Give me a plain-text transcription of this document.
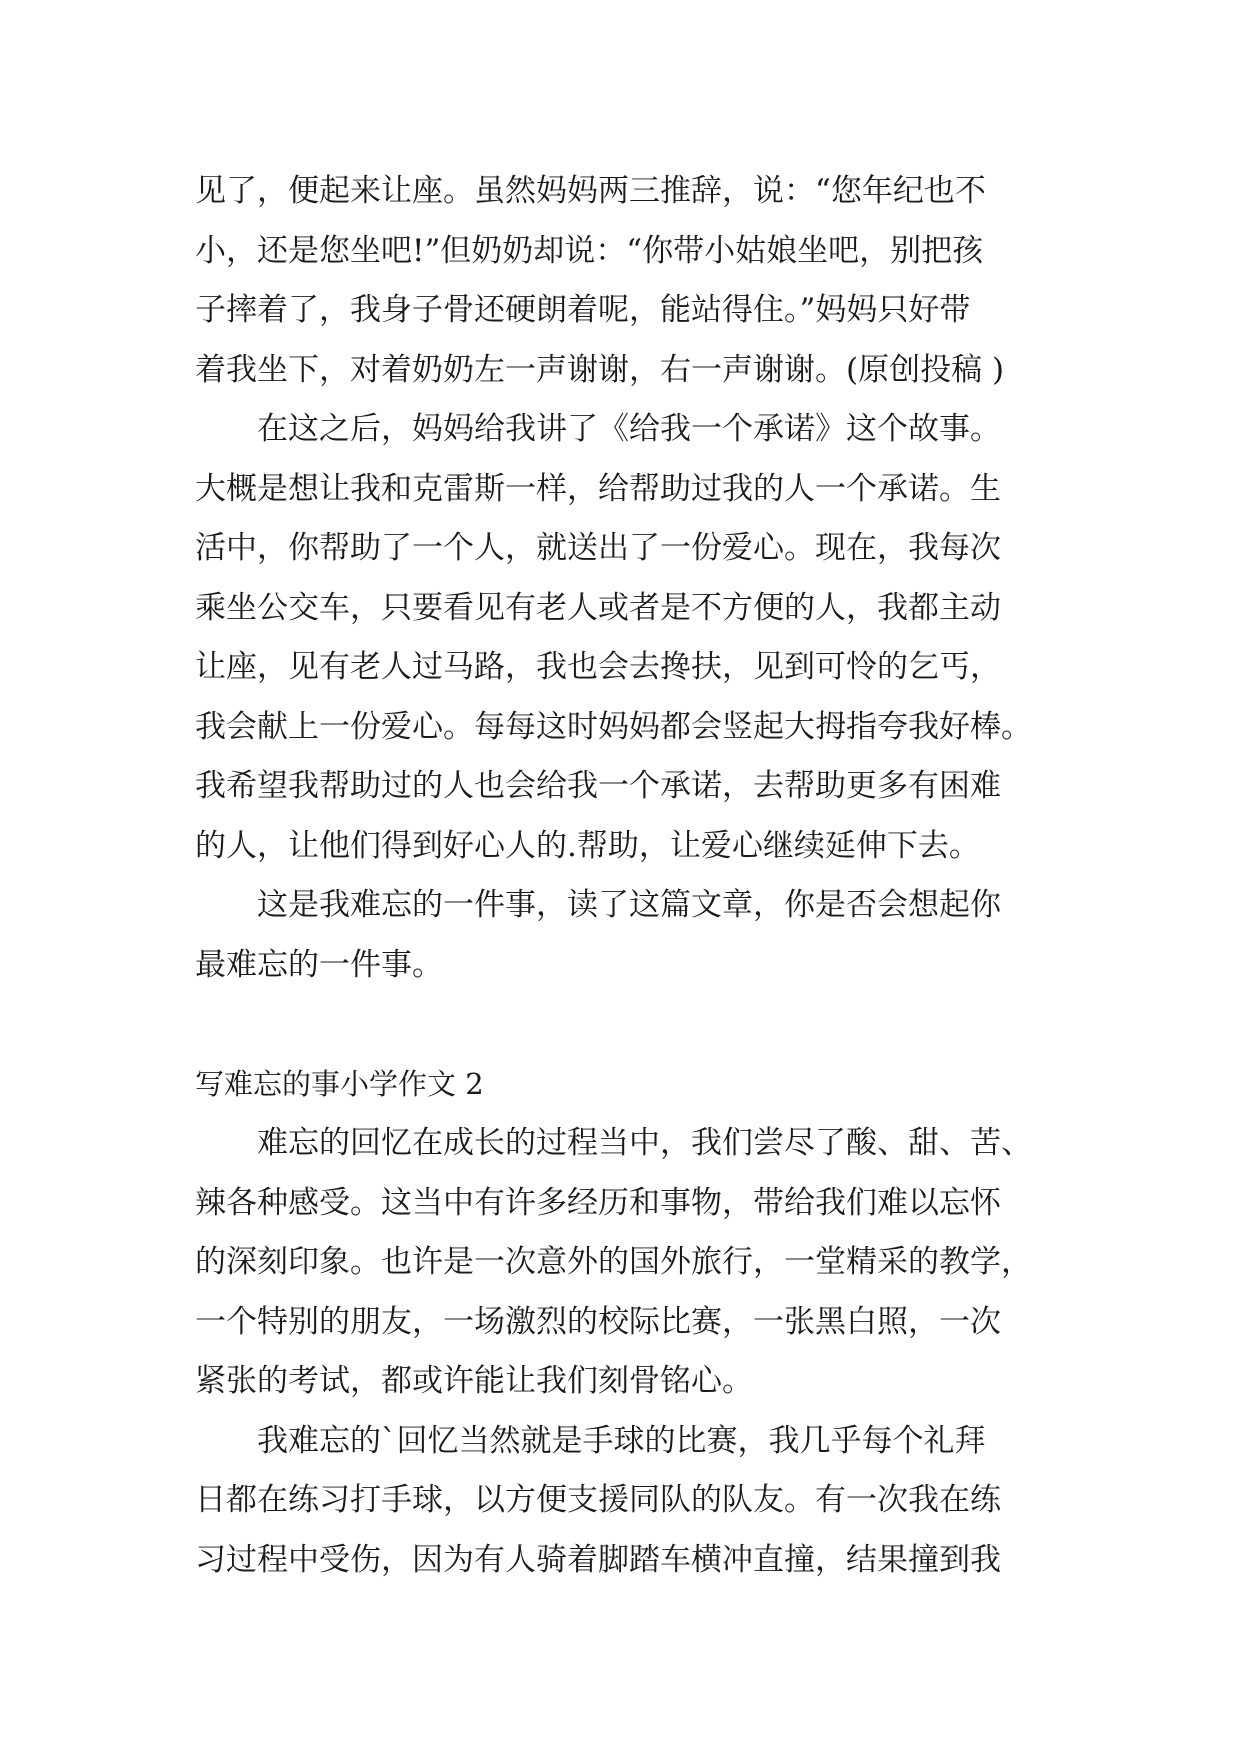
见了，便起来让座。虽然妈妈两三推辞，说：“您年纪也不
小，还是您坐吧!”但奶奶却说：“你带小姑娘坐吧，别把孩
子摔着了，我身子骨还硬朗着呢，能站得住。”妈妈只好带
着我坐下，对着奶奶左一声谢谢，右一声谢谢。(原创投稿 )
在这之后，妈妈给我讲了《给我一个承诺》这个故事。
大概是想让我和克雷斯一样，给帮助过我的人一个承诺。生
活中，你帮助了一个人，就送出了一份爱心。现在，我每次
乘坐公交车，只要看见有老人或者是不方便的人，我都主动
让座，见有老人过马路，我也会去搀扶，见到可怜的乞丐，
我会献上一份爱心。每每这时妈妈都会竖起大拇指夸我好棒。
我希望我帮助过的人也会给我一个承诺，去帮助更多有困难
的人，让他们得到好心人的.帮助，让爱心继续延伸下去。
这是我难忘的一件事，读了这篇文章，你是否会想起你
最难忘的一件事。
写难忘的事小学作文 2
难忘的回忆在成长的过程当中，我们尝尽了酸、甜、苦、
辣各种感受。这当中有许多经历和事物，带给我们难以忘怀
的深刻印象。也许是一次意外的国外旅行，一堂精采的教学，
一个特别的朋友，一场激烈的校际比赛，一张黑白照，一次
紧张的考试，都或许能让我们刻骨铭心。
我难忘的`回忆当然就是手球的比赛，我几乎每个礼拜
日都在练习打手球，以方便支援同队的队友。有一次我在练
习过程中受伤，因为有人骑着脚踏车横冲直撞，结果撞到我
